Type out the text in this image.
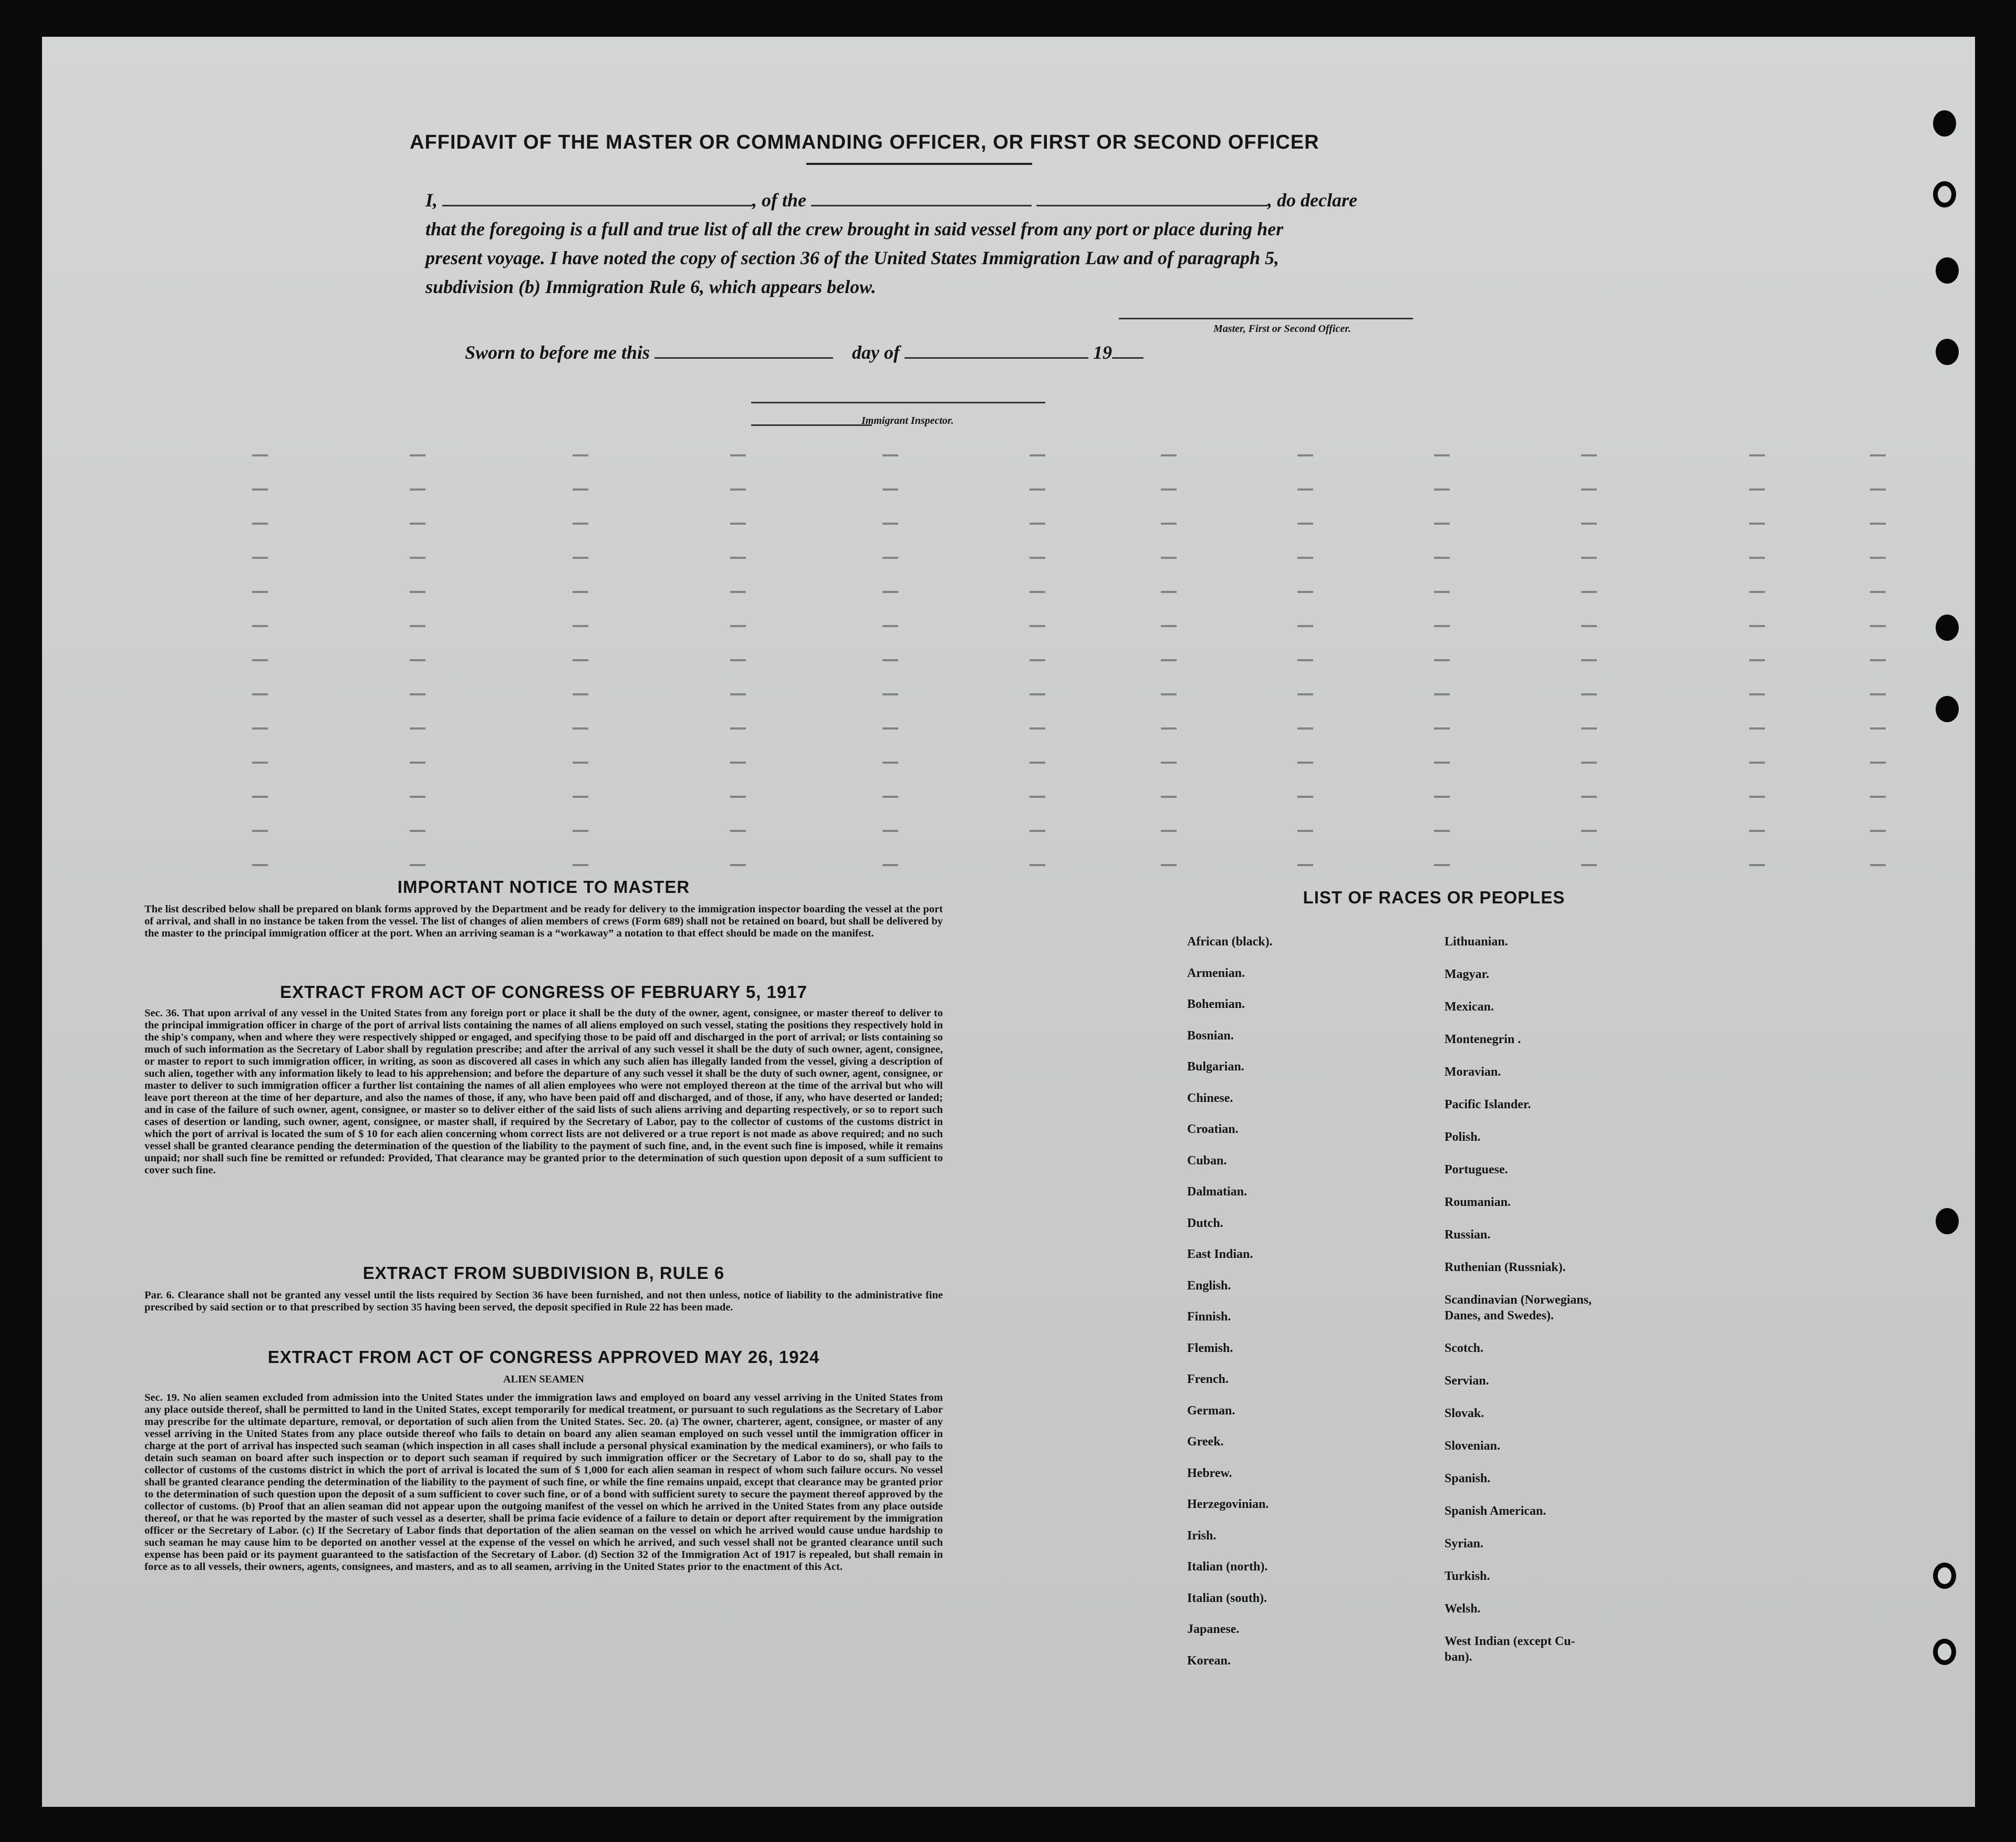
AFFIDAVIT OF THE MASTER OR COMMANDING OFFICER, OR FIRST OR SECOND OFFICER
I,	, of the	, do declare
that the foregoing is a full and true list of all the crew brought in said vessel from any port or place during her
present voyage. I have noted the copy of section 36 of the United States Immigration Law and of paragraph 5,
subdivision (b) Immigration Rule 6, which appears below.
Master, First or Second Officer.
Sworn to before me this	day of	19
Immigrant Inspector.
IMPORTANT NOTICE TO MASTER
The list described below shall be prepared on blank forms approved by the Department and be ready for delivery to the immigration inspector boarding the vessel at the port of arrival, and shall in no instance be taken from the vessel. The list of changes of alien members of crews (Form 689) shall not be retained on board, but shall be delivered by the master to the principal immigration officer at the port. When an arriving seaman is a “workaway” a notation to that effect should be made on the manifest.
EXTRACT FROM ACT OF CONGRESS OF FEBRUARY 5, 1917
Sec. 36. That upon arrival of any vessel in the United States from any foreign port or place it shall be the duty of the owner, agent, consignee, or master thereof to deliver to the principal immigration officer in charge of the port of arrival lists containing the names of all aliens employed on such vessel, stating the positions they respectively hold in the ship's company, when and where they were respectively shipped or engaged, and specifying those to be paid off and discharged in the port of arrival; or lists containing so much of such information as the Secretary of Labor shall by regulation prescribe; and after the arrival of any such vessel it shall be the duty of such owner, agent, consignee, or master to report to such immigration officer, in writing, as soon as discovered all cases in which any such alien has illegally landed from the vessel, giving a description of such alien, together with any information likely to lead to his apprehension; and before the departure of any such vessel it shall be the duty of such owner, agent, consignee, or master to deliver to such immigration officer a further list containing the names of all alien employees who were not employed thereon at the time of the arrival but who will leave port thereon at the time of her departure, and also the names of those, if any, who have been paid off and discharged, and of those, if any, who have deserted or landed; and in case of the failure of such owner, agent, consignee, or master so to deliver either of the said lists of such aliens arriving and departing respectively, or so to report such cases of desertion or landing, such owner, agent, consignee, or master shall, if required by the Secretary of Labor, pay to the collector of customs of the customs district in which the port of arrival is located the sum of $ 10 for each alien concerning whom correct lists are not delivered or a true report is not made as above required; and no such vessel shall be granted clearance pending the determination of the question of the liability to the payment of such fine, and, in the event such fine is imposed, while it remains unpaid; nor shall such fine be remitted or refunded: Provided, That clearance may be granted prior to the determination of such question upon deposit of a sum sufficient to cover such fine.
EXTRACT FROM SUBDIVISION B, RULE 6
Par. 6. Clearance shall not be granted any vessel until the lists required by Section 36 have been furnished, and not then unless, notice of liability to the administrative fine prescribed by said section or to that prescribed by section 35 having been served, the deposit specified in Rule 22 has been made.
EXTRACT FROM ACT OF CONGRESS APPROVED MAY 26, 1924
ALIEN SEAMEN
Sec. 19. No alien seamen excluded from admission into the United States under the immigration laws and employed on board any vessel arriving in the United States from any place outside thereof, shall be permitted to land in the United States, except temporarily for medical treatment, or pursuant to such regulations as the Secretary of Labor may prescribe for the ultimate departure, removal, or deportation of such alien from the United States. Sec. 20. (a) The owner, charterer, agent, consignee, or master of any vessel arriving in the United States from any place outside thereof who fails to detain on board any alien seaman employed on such vessel until the immigration officer in charge at the port of arrival has inspected such seaman (which inspection in all cases shall include a personal physical examination by the medical examiners), or who fails to detain such seaman on board after such inspection or to deport such seaman if required by such immigration officer or the Secretary of Labor to do so, shall pay to the collector of customs of the customs district in which the port of arrival is located the sum of $ 1,000 for each alien seaman in respect of whom such failure occurs. No vessel shall be granted clearance pending the determination of the liability to the payment of such fine, or while the fine remains unpaid, except that clearance may be granted prior to the determination of such question upon the deposit of a sum sufficient to cover such fine, or of a bond with sufficient surety to secure the payment thereof approved by the collector of customs. (b) Proof that an alien seaman did not appear upon the outgoing manifest of the vessel on which he arrived in the United States from any place outside thereof, or that he was reported by the master of such vessel as a deserter, shall be prima facie evidence of a failure to detain or deport after requirement by the immigration officer or the Secretary of Labor. (c) If the Secretary of Labor finds that deportation of the alien seaman on the vessel on which he arrived would cause undue hardship to such seaman he may cause him to be deported on another vessel at the expense of the vessel on which he arrived, and such vessel shall not be granted clearance until such expense has been paid or its payment guaranteed to the satisfaction of the Secretary of Labor. (d) Section 32 of the Immigration Act of 1917 is repealed, but shall remain in force as to all vessels, their owners, agents, consignees, and masters, and as to all seamen, arriving in the United States prior to the enactment of this Act.
LIST OF RACES OR PEOPLES
African (black).
Armenian.
Bohemian.
Bosnian.
Bulgarian.
Chinese.
Croatian.
Cuban.
Dalmatian.
Dutch.
East Indian.
English.
Finnish.
Flemish.
French.
German.
Greek.
Hebrew.
Herzegovinian.
Irish.
Italian (north).
Italian (south).
Japanese.
Korean.
Lithuanian.
Magyar.
Mexican.
Montenegrin .
Moravian.
Pacific Islander.
Polish.
Portuguese.
Roumanian.
Russian.
Ruthenian (Russniak).
Scandinavian (Norwegians,
Danes, and Swedes).
Scotch.
Servian.
Slovak.
Slovenian.
Spanish.
Spanish American.
Syrian.
Turkish.
Welsh.
West Indian (except Cu-
ban).
